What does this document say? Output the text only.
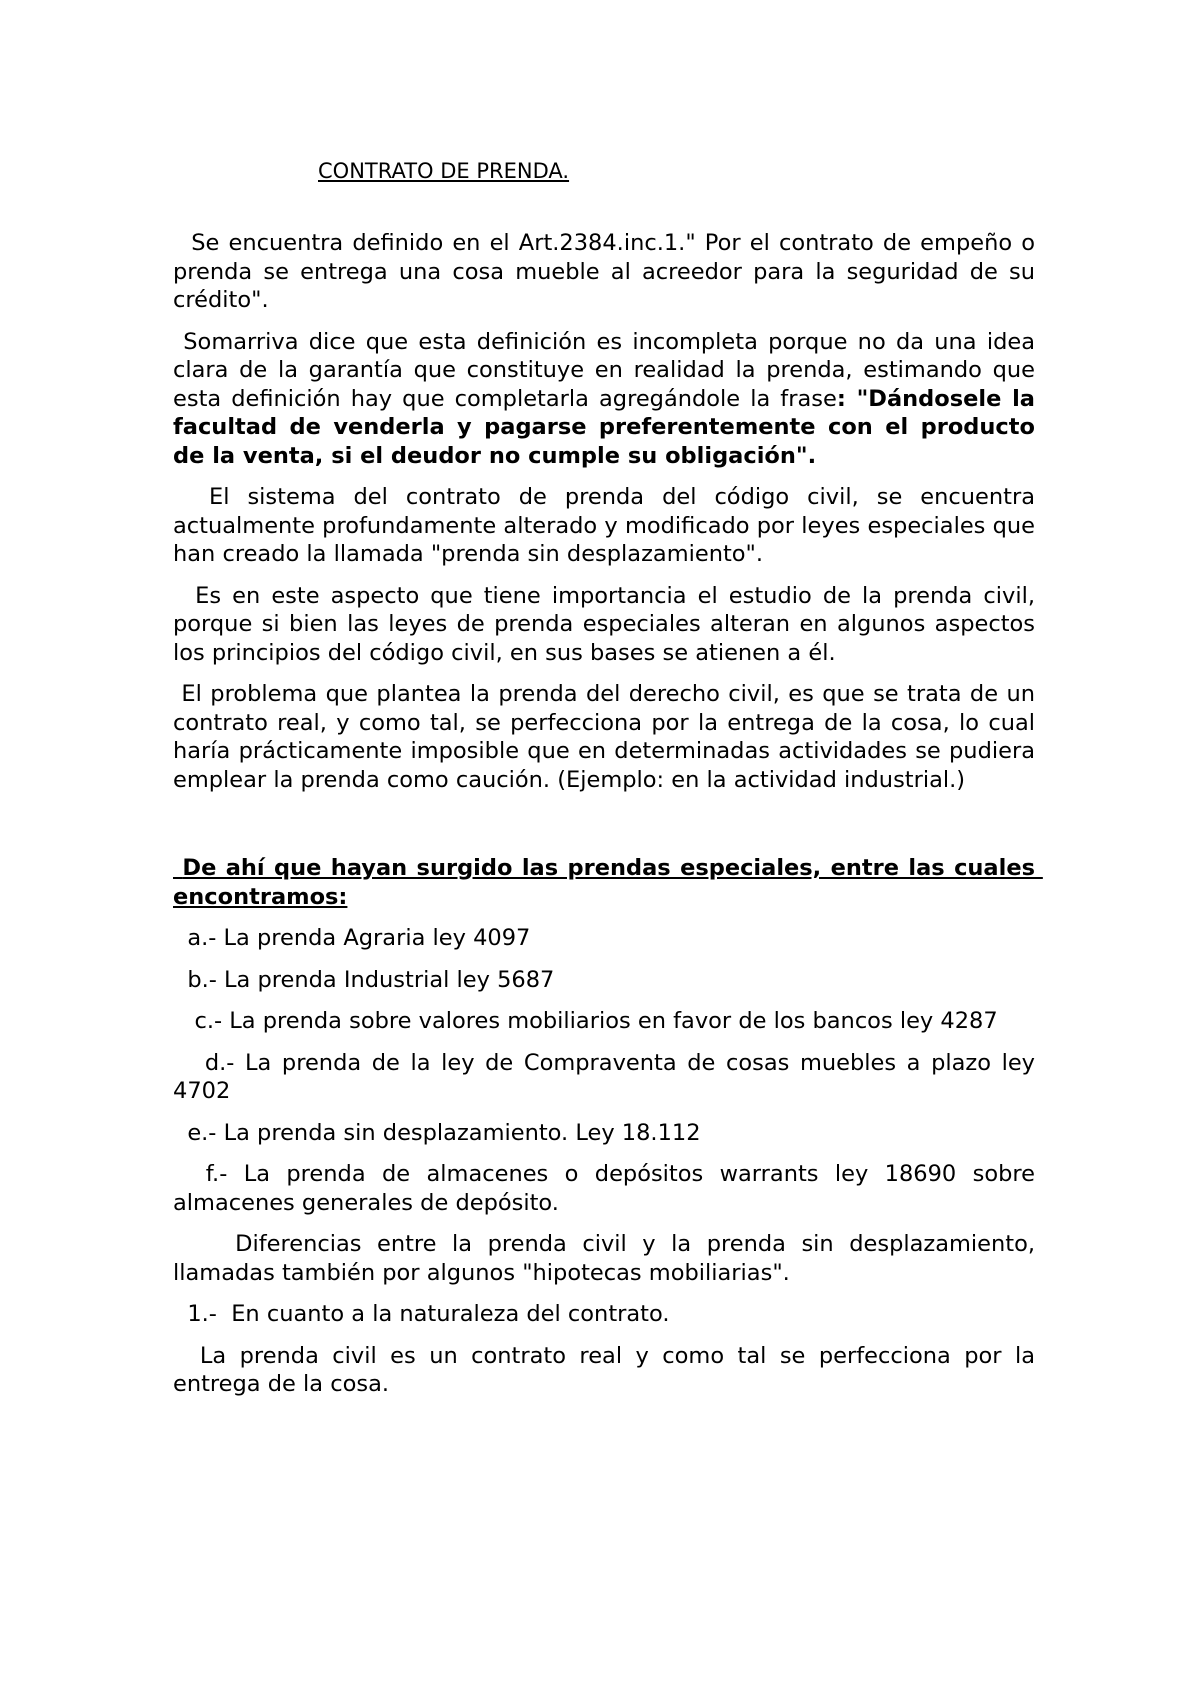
CONTRATO DE PRENDA.

Se encuentra definido en el Art.2384.inc.1." Por el contrato de empeño o prenda se entrega una cosa mueble al acreedor para la seguridad de su crédito".

Somarriva dice que esta definición es incompleta porque no da una idea clara de la garantía que constituye en realidad la prenda, estimando que esta definición hay que completarla agregándole la frase: "Dándosele la facultad de venderla y pagarse preferentemente con el producto de la venta, si el deudor no cumple su obligación".

El sistema del contrato de prenda del código civil, se encuentra actualmente profundamente alterado y modificado por leyes especiales que han creado la llamada "prenda sin desplazamiento".

Es en este aspecto que tiene importancia el estudio de la prenda civil, porque si bien las leyes de prenda especiales alteran en algunos aspectos los principios del código civil, en sus bases se atienen a él.

El problema que plantea la prenda del derecho civil, es que se trata de un contrato real, y como tal, se perfecciona por la entrega de la cosa, lo cual haría prácticamente imposible que en determinadas actividades se pudiera emplear la prenda como caución. (Ejemplo: en la actividad industrial.)

De ahí que hayan surgido las prendas especiales, entre las cuales encontramos:

a.- La prenda Agraria ley 4097

b.- La prenda Industrial ley 5687

c.- La prenda sobre valores mobiliarios en favor de los bancos ley 4287

d.- La prenda de la ley de Compraventa de cosas muebles a plazo ley 4702

e.- La prenda sin desplazamiento. Ley 18.112

f.- La prenda de almacenes o depósitos warrants ley 18690 sobre almacenes generales de depósito.

Diferencias entre la prenda civil y la prenda sin desplazamiento, llamadas también por algunos "hipotecas mobiliarias".

1.-  En cuanto a la naturaleza del contrato.

La prenda civil es un contrato real y como tal se perfecciona por la entrega de la cosa.
